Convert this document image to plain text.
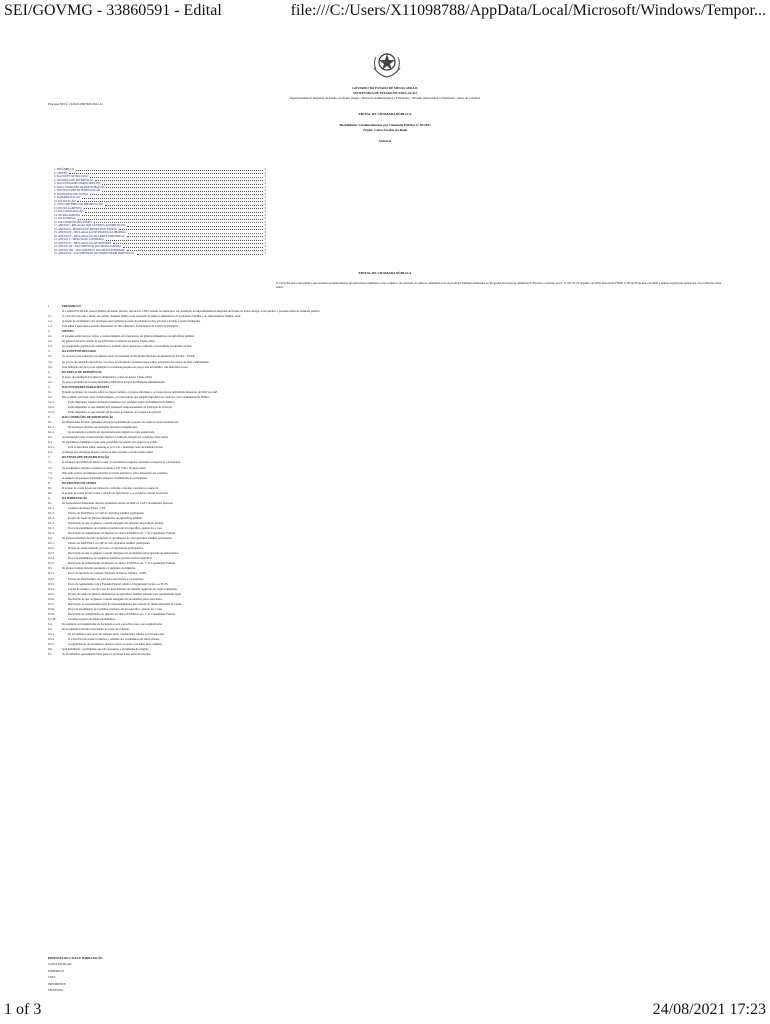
SEI/GOVMG - 33860591 - Edital	file:///C:/Users/X11098788/AppData/Local/Microsoft/Windows/Tempor...
GOVERNO DO ESTADO DE MINAS GERAIS
SECRETARIA DE ESTADO DE EDUCAÇÃO
Superintendência Regional de Ensino de Pouso Alegre / Diretoria Administrativa e Financeira / Divisão Operacional e Financeira / Setor de Compras
Processo SEI nº 1520.01.0007605/2021-41
EDITAL DE CHAMADA PÚBLICA
Modalidade: Credenciamento por Chamada Pública nº 40/2021
Órgão: Caixa Escolar da Rede
Sumário
1. PREÂMBULO	2
2. OBJETO	2
3. DA FONTE DE RECURSO	2
4. DO PREÇO DE REFERÊNCIA	2
5. DAS ENTIDADES PARTICIPANTES	2
6. DAS CONDIÇÕES DE PARTICIPAÇÃO	2
7. DO ENVELOPE DE HABILITAÇÃO	2
8. DO PROJETO DE VENDA	2
9. DA HABILITAÇÃO	2
10. DA SELEÇÃO	2
11. DOS CRITÉRIOS DE PRIORIZAÇÃO	2
12. DO JULGAMENTO	2
13. DA CONTRATAÇÃO	2
14. DO PAGAMENTO	2
15. DA ENTREGA	2
16. DAS DISPOSIÇÕES FINAIS	2
17. ANEXO I - RELAÇÃO DOS GÊNEROS ALIMENTÍCIOS	3
18. ANEXO II - MODELO DE PROJETO DE VENDA	3
19. ANEXO III - DECLARAÇÃO DE PRODUÇÃO PRÓPRIA	3
20. ANEXO IV - DECLARAÇÃO DE LIMITE INDIVIDUAL	3
21. ANEXO V - MINUTA DE CONTRATO	3
22. ANEXO VI - DECLARAÇÃO DE MENORES	3
23. ANEXO VII - DOCUMENTOS DO GRUPO FORMAL	3
24. ANEXO VIII - DOCUMENTOS DO GRUPO INFORMAL	3
25. ANEXO IX - DOCUMENTOS DO FORNECEDOR INDIVIDUAL	3
EDITAL DE CHAMADA PÚBLICA
O Caixa Escolar torna público que realizará credenciamento de agricultores familiares com o objetivo de aquisição de gêneros alimentícios da Agricultura Familiar destinados ao Programa Nacional de Alimentação Escolar, conforme Lei nº 11.947 de 16 de junho de 2009, Resolução FNDE nº 06 de 08 de maio de 2020 e demais legislações aplicáveis, nas condições deste edital.
1.	PREÂMBULO
O CAIXA ESCOLAR, pessoa jurídica de direito privado, inscrita no CNPJ, situada no município, sob jurisdição da Superintendência Regional de Ensino de Pouso Alegre, torna público o presente edital de chamada pública.
1.1.	O Caixa Escolar tem o intuito de realizar chamada pública para aquisição de gêneros alimentícios da agricultura familiar e do empreendedor familiar rural.
1.2.	A sessão de recebimento dos envelopes será realizada na sede da unidade escolar, em data e horário a serem divulgados.
1.3.	Este edital e seus anexos estarão disponíveis no sítio eletrônico da Secretaria de Estado de Educação.
2.	OBJETO
2.1.	O presente edital tem por objeto o credenciamento de fornecedores de gêneros alimentícios da agricultura familiar.
2.2.	Os gêneros deverão atender às especificações constantes no Anexo I deste edital.
2.3.	As quantidades previstas são estimativas e poderão sofrer alterações conforme a necessidade da unidade escolar.
3.	DA FONTE DE RECURSO
3.1.	Os recursos para aquisição dos gêneros serão provenientes do Programa Nacional de Alimentação Escolar - PNAE.
3.2.	Os preços de aquisição deverão ser os preços de referência constantes neste edital, acrescidos dos custos de frete e embalagens.
3.3.	Para definição dos preços de aquisição foi realizada pesquisa de preços em, no mínimo, três mercados locais.
4.	DO PREÇO DE REFERÊNCIA
4.1.	O preço de referência dos gêneros alimentícios consta no Anexo I deste edital.
4.2.	Os preços poderão ser revistos mediante justificativa técnica devidamente fundamentada.
5.	DAS ENTIDADES PARTICIPANTES
5.1.	Poderão participar do presente edital os grupos formais, os grupos informais e os fornecedores individuais detentores de DAP ou CAF.
5.2.	Não poderão participar deste credenciamento os fornecedores que estejam impedidos de contratar com a Administração Pública.
5.2.1.	Estão impedidos aqueles declarados inidôneos por qualquer órgão da Administração Pública.
5.2.2.	Estão impedidos os que tenham sido suspensos temporariamente de participar de licitação.
5.2.3.	Estão impedidos os que estejam em processo de falência ou recuperação judicial.
6.	DAS CONDIÇÕES DE PARTICIPAÇÃO
6.1.	Os interessados deverão apresentar envelope de habilitação e projeto de venda no prazo estabelecido.
6.1.1.	Os envelopes deverão ser entregues lacrados e identificados.
6.1.2.	Os documentos poderão ser apresentados em original ou cópia autenticada.
6.2.	A participação neste credenciamento implica a aceitação integral das condições deste edital.
6.3.	Os agricultores familiares locais terão prioridade na seleção dos projetos de venda.
6.3.1.	Para os fins deste edital, entende-se por local o município sede da unidade escolar.
6.4.	A entrega dos envelopes deverá ocorrer na data e horário previstos neste edital.
7.	DO ENVELOPE DE HABILITAÇÃO
7.1.	O envelope de habilitação deverá conter os documentos exigidos conforme a categoria do participante.
7.2.	Os documentos exigidos constam nos Anexos VII, VIII e IX deste edital.
7.3.	Não serão aceitos documentos enviados por meio eletrônico, salvo disposição em contrário.
7.4.	A ausência de qualquer documento ensejará a inabilitação do participante.
8.	DO PROJETO DE VENDA
8.1.	O projeto de venda deverá ser elaborado conforme o modelo constante no Anexo II.
8.2.	O projeto de venda deverá conter a relação de agricultores e os produtos a serem fornecidos.
9.	DA HABILITAÇÃO
9.1.	Os fornecedores individuais deverão apresentar extrato da DAP ou CAF e documentos pessoais.
9.1.1.	Cadastro de Pessoa Física - CPF.
9.1.2.	Extrato da DAP Física ou CAF do agricultor familiar participante.
9.1.3.	Projeto de venda de gêneros alimentícios da agricultura familiar.
9.1.4.	Declaração de que os gêneros a serem entregues são oriundos de produção própria.
9.1.5.	Prova de atendimento de requisitos previstos em lei específica, quando for o caso.
9.1.6.	Declaração de cumprimento do disposto no inciso XXXIII do art. 7º da Constituição Federal.
9.2.	Os grupos informais deverão apresentar os documentos de cada agricultor familiar participante.
9.2.1.	Extrato da DAP Física ou CAF de cada agricultor familiar participante.
9.2.2.	Projeto de venda assinado por todos os agricultores participantes.
9.2.3.	Declaração de que os gêneros a serem entregues são produzidos pelos agricultores relacionados.
9.2.4.	Prova de atendimento de requisitos sanitários previstos em lei específica.
9.2.5.	Declaração de cumprimento do disposto no inciso XXXIII do art. 7º da Constituição Federal.
9.3.	Os grupos formais deverão apresentar os seguintes documentos.
9.3.1.	Prova de inscrição no Cadastro Nacional de Pessoa Jurídica - CNPJ.
9.3.2.	Extrato da DAP Jurídica ou CAF para associações e cooperativas.
9.3.3.	Prova de regularidade com a Fazenda Federal, relativa à Seguridade Social e ao FGTS.
9.3.4.	Cópias do estatuto e ata de posse da atual diretoria da entidade registrada no órgão competente.
9.3.5.	Projeto de venda de gêneros alimentícios da agricultura familiar assinado pelo representante legal.
9.3.6.	Declaração de que os gêneros a serem entregues são produzidos pelos associados.
9.3.7.	Declaração do representante legal de responsabilidade pelo controle do limite individual de venda.
9.3.8.	Prova de atendimento de requisitos previstos em lei específica, quando for o caso.
9.3.9.	Declaração de cumprimento do disposto no inciso XXXIII do art. 7º da Constituição Federal.
9.3.10.	Certidão negativa de débitos trabalhistas.
9.4.	Na ausência ou irregularidade de documentos será concedido prazo para regularização.
9.5.	Os documentos deverão estar dentro do prazo de validade.
9.5.1.	Os documentos sem prazo de validade serão considerados válidos por noventa dias.
9.5.2.	O Caixa Escolar poderá consultar a validade dos documentos em sítios oficiais.
9.5.3.	A regularização de documentos deverá ocorrer no prazo concedido pela comissão.
9.6.	Será inabilitado o participante que não apresentar a documentação exigida.
9.7.	Os documentos apresentados farão parte do processo e não serão devolvidos.
PROPOSTA DO CAIXA E HABILITAÇÃO
CAIXA ESCOLAR:
ENDEREÇO:
CNPJ:
PRESIDENTE:
TELEFONE:
1 of 3	24/08/2021 17:23
